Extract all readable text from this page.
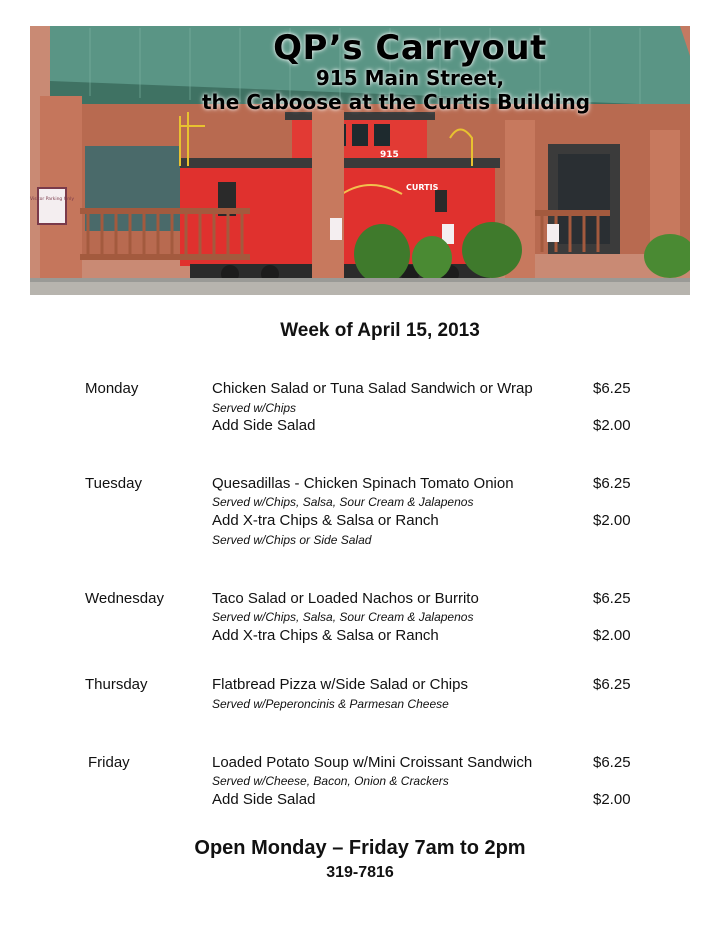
915
CURTIS
Visitor Parking Only
QP’s Carryout
915 Main Street,
the Caboose at the Curtis Building
Week of April 15, 2013
Monday	Chicken Salad or Tuna Salad Sandwich or Wrap	$6.25
Served w/Chips
Add Side Salad	$2.00
Tuesday	Quesadillas - Chicken Spinach Tomato Onion	$6.25
Served w/Chips, Salsa, Sour Cream & Jalapenos
Add X-tra Chips & Salsa or Ranch	$2.00
Served w/Chips or Side Salad
Wednesday	Taco Salad or Loaded Nachos or Burrito	$6.25
Served w/Chips, Salsa, Sour Cream & Jalapenos
Add X-tra Chips & Salsa or Ranch	$2.00
Thursday	Flatbread Pizza w/Side Salad or Chips	$6.25
Served w/Peperoncinis & Parmesan Cheese
Friday	Loaded Potato Soup w/Mini Croissant Sandwich	$6.25
Served w/Cheese, Bacon, Onion & Crackers
Add Side Salad	$2.00
Open Monday – Friday 7am to 2pm
319-7816
